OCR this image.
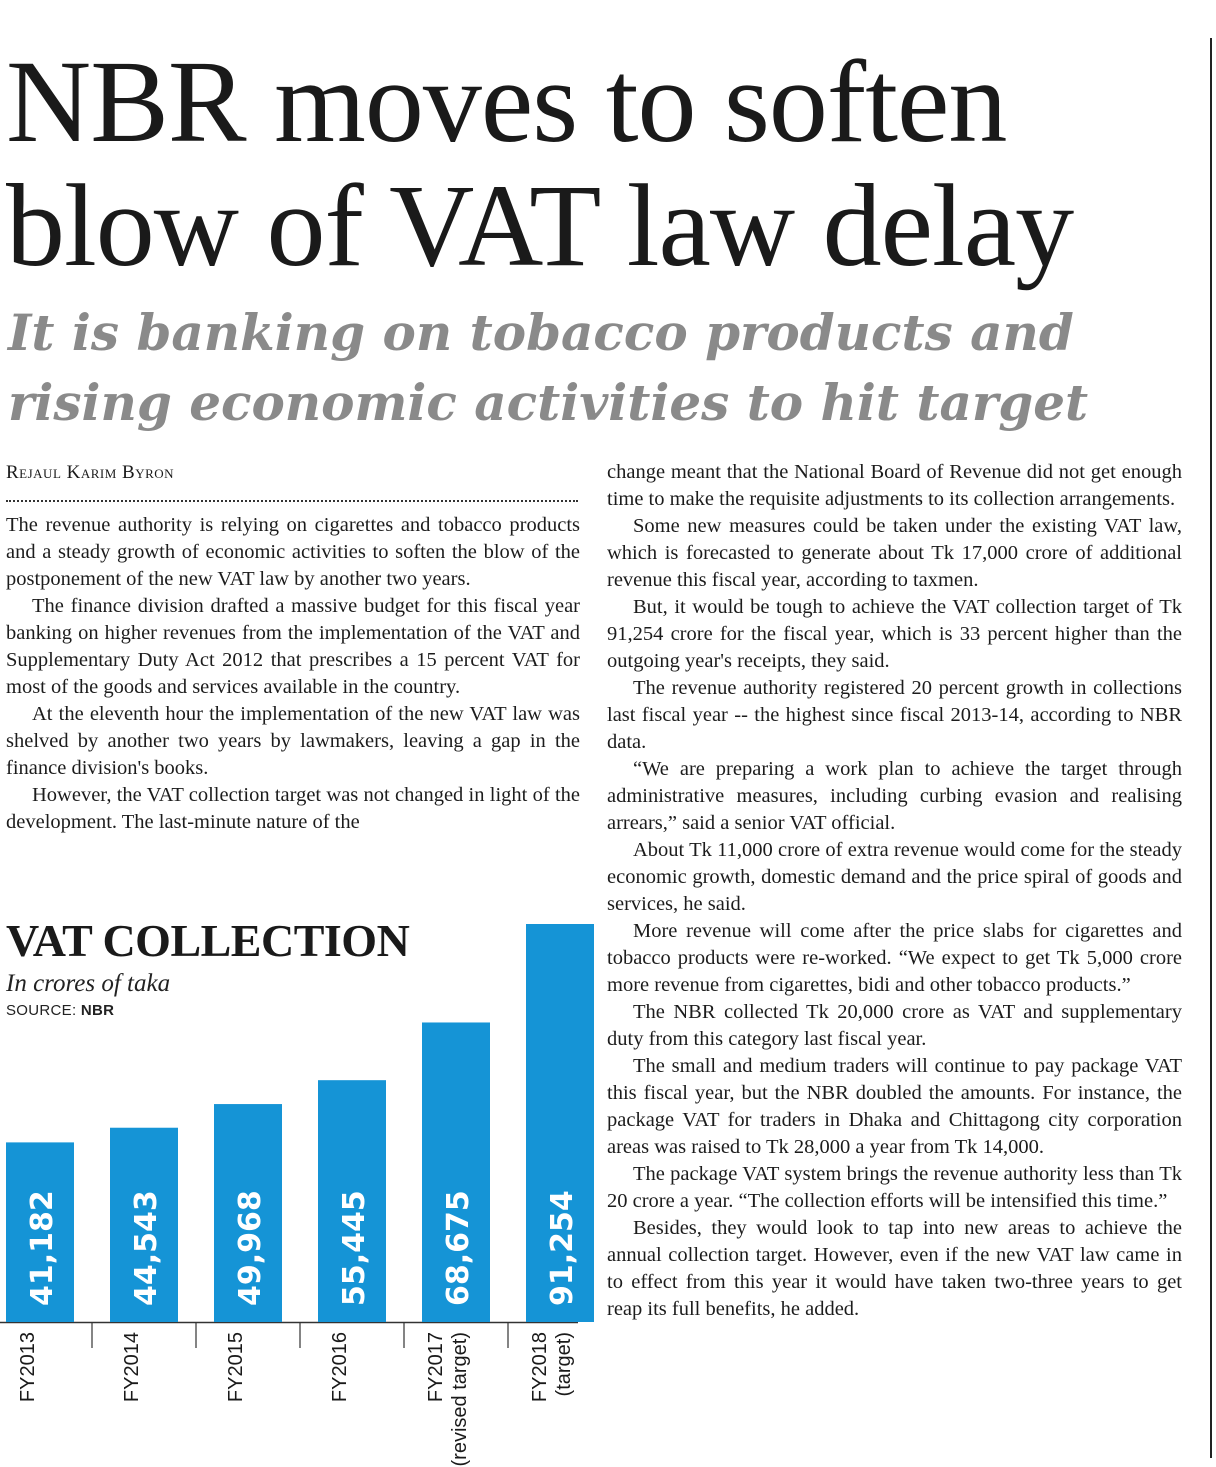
NBR moves to soften
blow of VAT law delay
It is banking on tobacco products and
rising economic activities to hit target
Rejaul Karim Byron

The revenue authority is relying on cigarettes and tobacco products and a steady growth of economic activities to soften the blow of the postponement of the new VAT law by another two years.

The finance division drafted a massive budget for this fiscal year banking on higher revenues from the implementation of the VAT and Supplementary Duty Act 2012 that prescribes a 15 percent VAT for most of the goods and services available in the country.

At the eleventh hour the implementation of the new VAT law was shelved by another two years by lawmakers, leaving a gap in the finance division's books.

However, the VAT collection target was not changed in light of the development. The last-minute nature of the

change meant that the National Board of Revenue did not get enough time to make the requisite adjustments to its collection arrangements.

Some new measures could be taken under the existing VAT law, which is forecasted to generate about Tk 17,000 crore of additional revenue this fiscal year, according to taxmen.

But, it would be tough to achieve the VAT collection target of Tk 91,254 crore for the fiscal year, which is 33 percent higher than the outgoing year's receipts, they said.

The revenue authority registered 20 percent growth in collections last fiscal year -- the highest since fiscal 2013-14, according to NBR data.

“We are preparing a work plan to achieve the target through administrative measures, including curbing evasion and realising arrears,” said a senior VAT official.

About Tk 11,000 crore of extra revenue would come for the steady economic growth, domestic demand and the price spiral of goods and services, he said.

More revenue will come after the price slabs for cigarettes and tobacco products were re-worked. “We expect to get Tk 5,000 crore more revenue from cigarettes, bidi and other tobacco products.”

The NBR collected Tk 20,000 crore as VAT and supplementary duty from this category last fiscal year.

The small and medium traders will continue to pay package VAT this fiscal year, but the NBR doubled the amounts. For instance, the package VAT for traders in Dhaka and Chittagong city corporation areas was raised to Tk 28,000 a year from Tk 14,000.

The package VAT system brings the revenue authority less than Tk 20 crore a year. “The collection efforts will be intensified this time.”

Besides, they would look to tap into new areas to achieve the annual collection target. However, even if the new VAT law came in to effect from this year it would have taken two-three years to get reap its full benefits, he added.

VAT COLLECTION
In crores of taka
SOURCE: NBR
41,182
FY2013
44,543
FY2014
49,968
FY2015
55,445
FY2016
68,675
FY2017 (revised target)
91,254
FY2018 (target)
